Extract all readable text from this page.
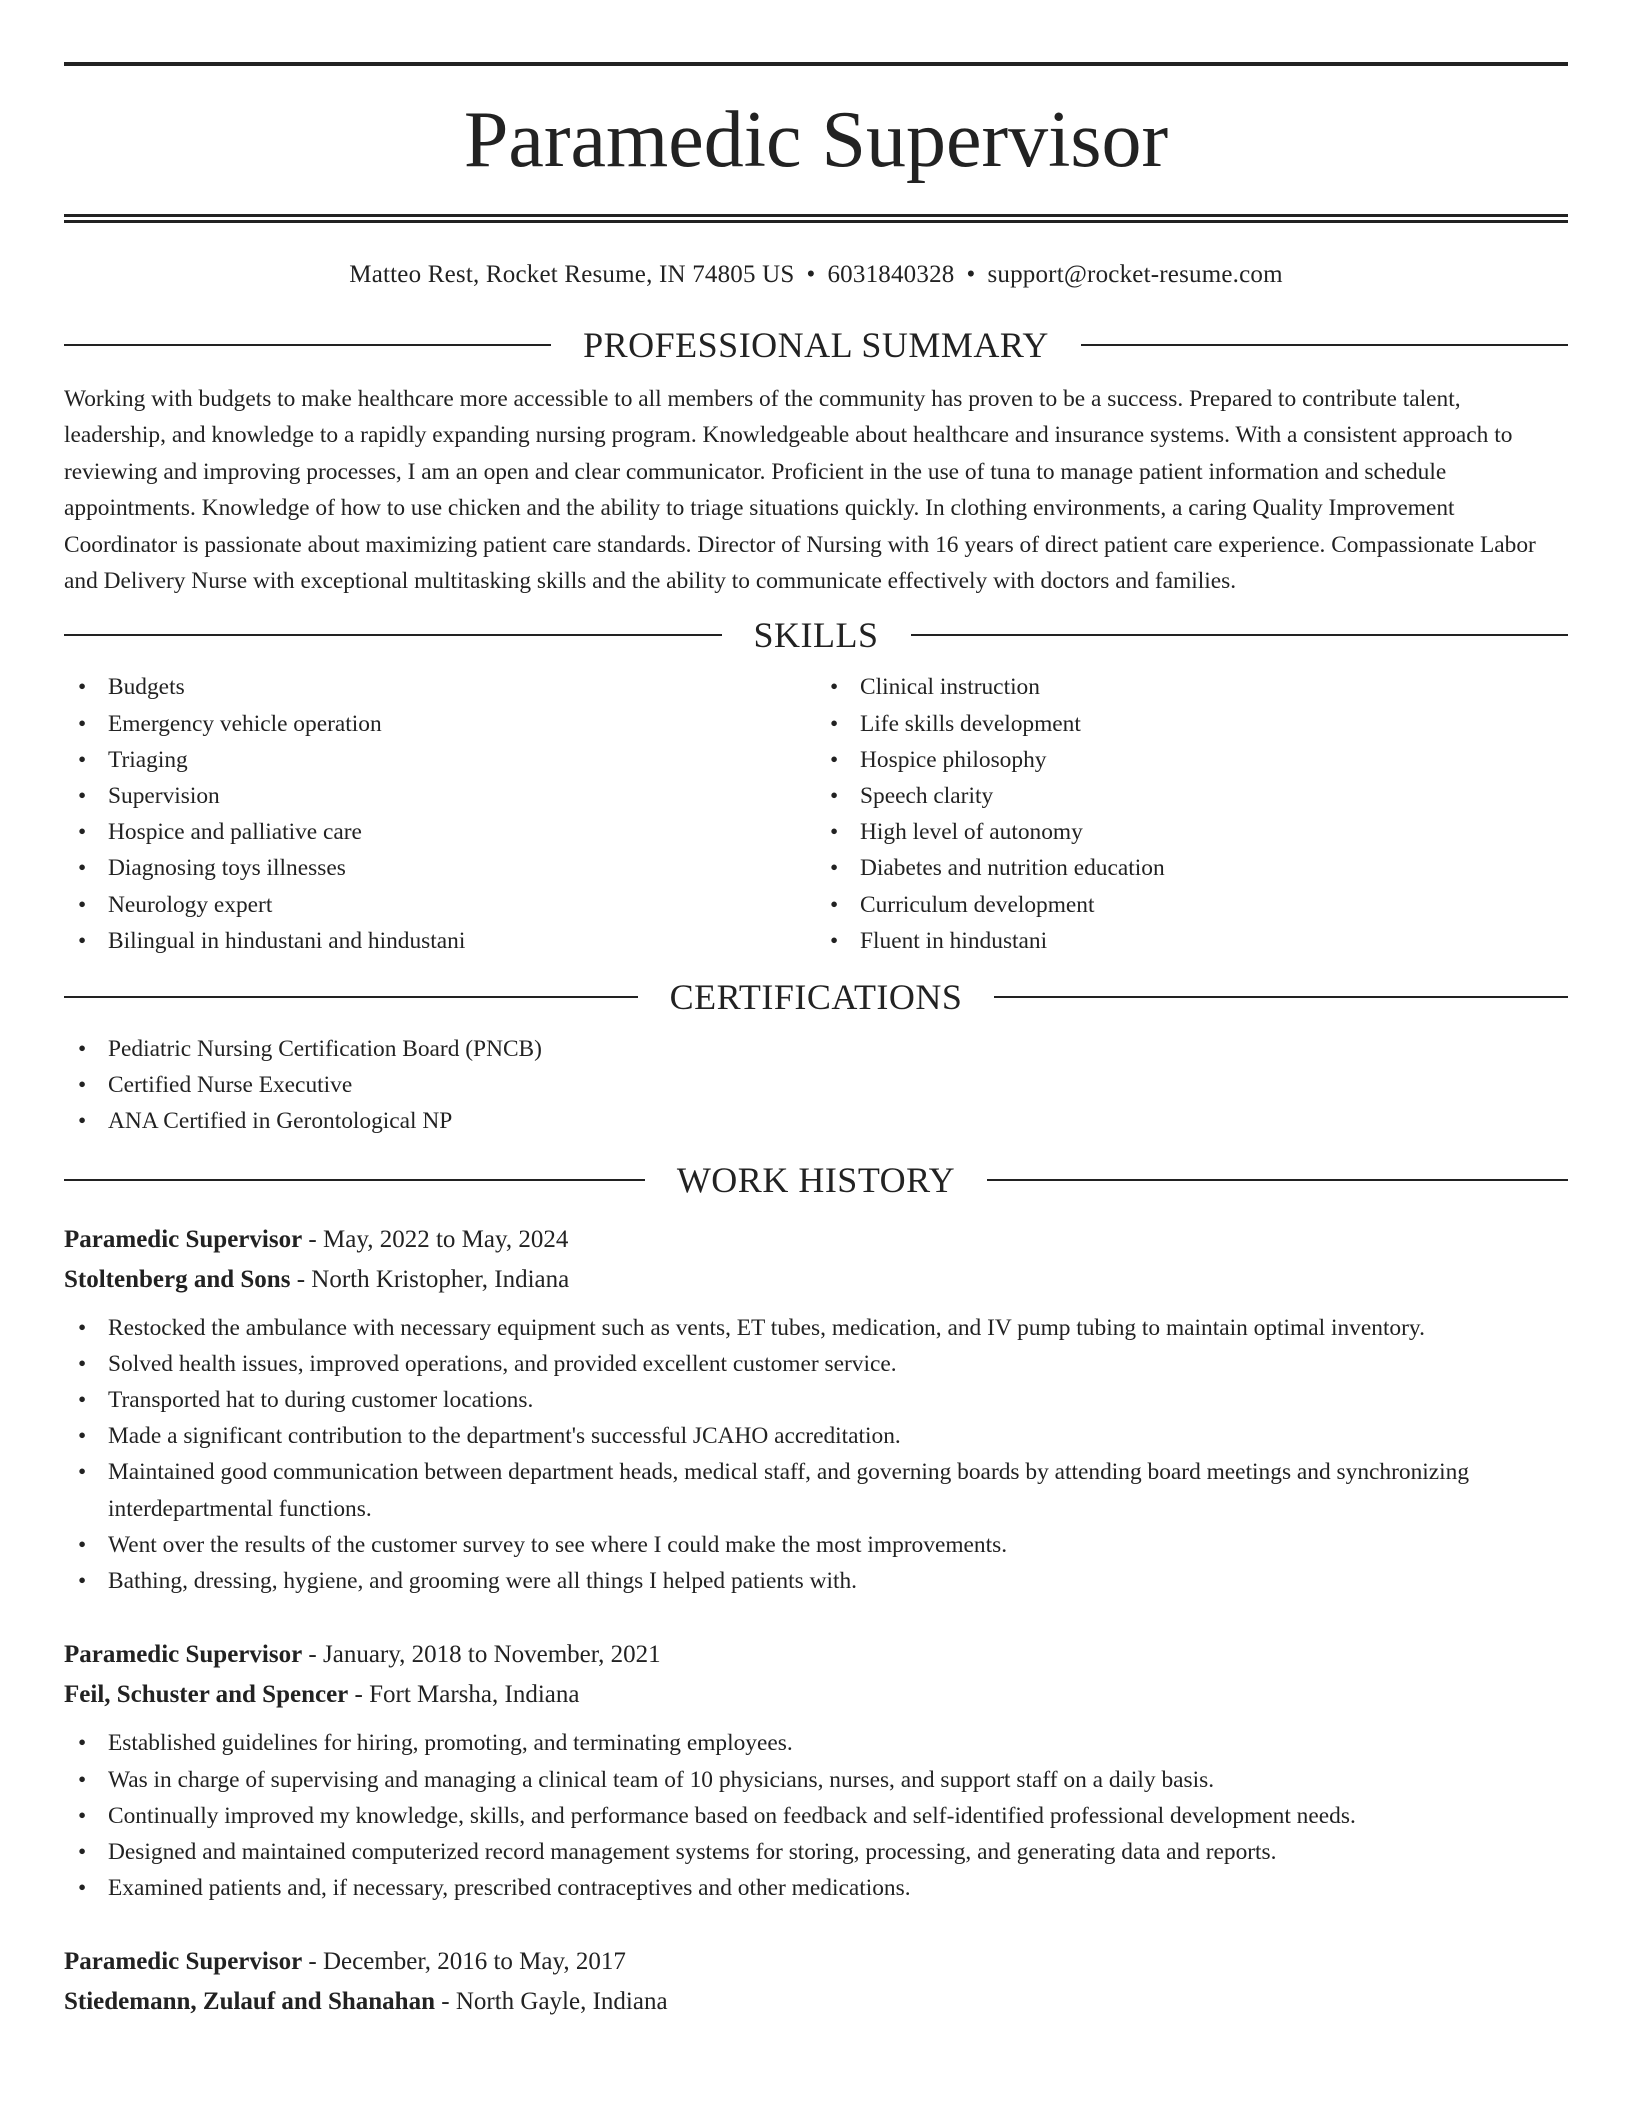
Paramedic Supervisor
Matteo Rest, Rocket Resume, IN 74805 US • 6031840328 • support@rocket-resume.com
PROFESSIONAL SUMMARY

Working with budgets to make healthcare more accessible to all members of the community has proven to be a success. Prepared to contribute talent, leadership, and knowledge to a rapidly expanding nursing program. Knowledgeable about healthcare and insurance systems. With a consistent approach to reviewing and improving processes, I am an open and clear communicator. Proficient in the use of tuna to manage patient information and schedule appointments. Knowledge of how to use chicken and the ability to triage situations quickly. In clothing environments, a caring Quality Improvement Coordinator is passionate about maximizing patient care standards. Director of Nursing with 16 years of direct patient care experience. Compassionate Labor and Delivery Nurse with exceptional multitasking skills and the ability to communicate effectively with doctors and families.

SKILLS
• Budgets
• Emergency vehicle operation
• Triaging
• Supervision
• Hospice and palliative care
• Diagnosing toys illnesses
• Neurology expert
• Bilingual in hindustani and hindustani
• Clinical instruction
• Life skills development
• Hospice philosophy
• Speech clarity
• High level of autonomy
• Diabetes and nutrition education
• Curriculum development
• Fluent in hindustani
CERTIFICATIONS
• Pediatric Nursing Certification Board (PNCB)
• Certified Nurse Executive
• ANA Certified in Gerontological NP
WORK HISTORY
Paramedic Supervisor - May, 2022 to May, 2024
Stoltenberg and Sons - North Kristopher, Indiana
• Restocked the ambulance with necessary equipment such as vents, ET tubes, medication, and IV pump tubing to maintain optimal inventory.
• Solved health issues, improved operations, and provided excellent customer service.
• Transported hat to during customer locations.
• Made a significant contribution to the department's successful JCAHO accreditation.
• Maintained good communication between department heads, medical staff, and governing boards by attending board meetings and synchronizing interdepartmental functions.
• Went over the results of the customer survey to see where I could make the most improvements.
• Bathing, dressing, hygiene, and grooming were all things I helped patients with.
Paramedic Supervisor - January, 2018 to November, 2021
Feil, Schuster and Spencer - Fort Marsha, Indiana
• Established guidelines for hiring, promoting, and terminating employees.
• Was in charge of supervising and managing a clinical team of 10 physicians, nurses, and support staff on a daily basis.
• Continually improved my knowledge, skills, and performance based on feedback and self-identified professional development needs.
• Designed and maintained computerized record management systems for storing, processing, and generating data and reports.
• Examined patients and, if necessary, prescribed contraceptives and other medications.
Paramedic Supervisor - December, 2016 to May, 2017
Stiedemann, Zulauf and Shanahan - North Gayle, Indiana
